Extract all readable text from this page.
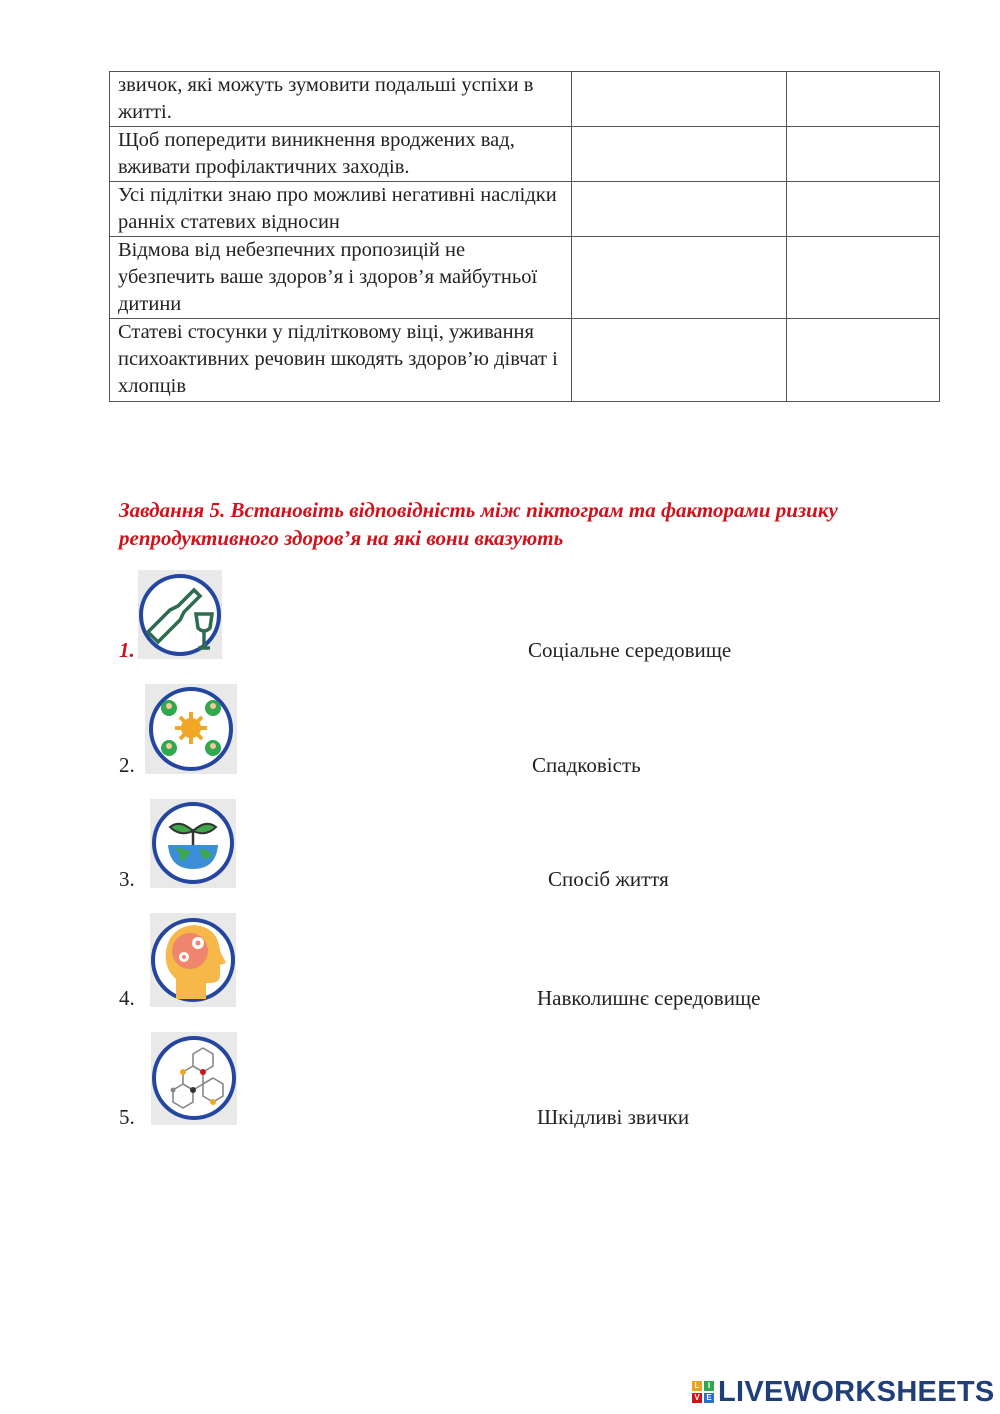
звичок, які можуть зумовити подальші успіхи в житті.		
Щоб попередити виникнення вроджених вад, вживати профілактичних заходів.		
Усі підлітки знаю про можливі негативні наслідки ранніх статевих відносин		
Відмова від небезпечних пропозицій не убезпечить ваше здоров’я і здоров’я майбутньої дитини		
Статеві стосунки у підлітковому віці, уживання психоактивних речовин шкодять здоров’ю дівчат і хлопців		
Завдання 5. Встановіть відповідність між піктограм та факторами ризику репродуктивного здоров’я на які вони вказують
1.	Соціальне середовище
2.	Спадковість
3.	Спосіб життя
4.	Навколишнє середовище
5.	Шкідливі звички
L	I
V E LIVEWORKSHEETS
